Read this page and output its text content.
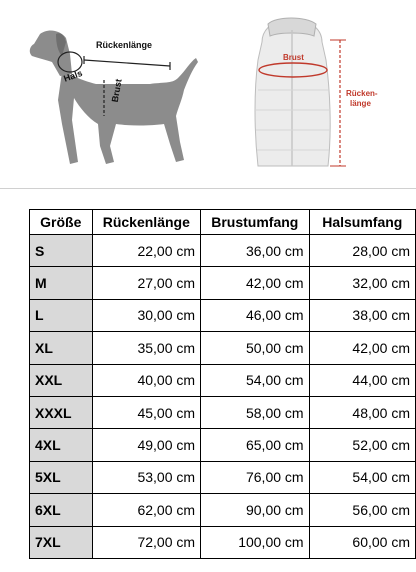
Rückenlänge
Hals
Brust
Brust
Rücken-
länge
Größe	Rückenlänge	Brustumfang	Halsumfang
S	22,00 cm	36,00 cm	28,00 cm
M	27,00 cm	42,00 cm	32,00 cm
L	30,00 cm	46,00 cm	38,00 cm
XL	35,00 cm	50,00 cm	42,00 cm
XXL	40,00 cm	54,00 cm	44,00 cm
XXXL	45,00 cm	58,00 cm	48,00 cm
4XL	49,00 cm	65,00 cm	52,00 cm
5XL	53,00 cm	76,00 cm	54,00 cm
6XL	62,00 cm	90,00 cm	56,00 cm
7XL	72,00 cm	100,00 cm	60,00 cm
